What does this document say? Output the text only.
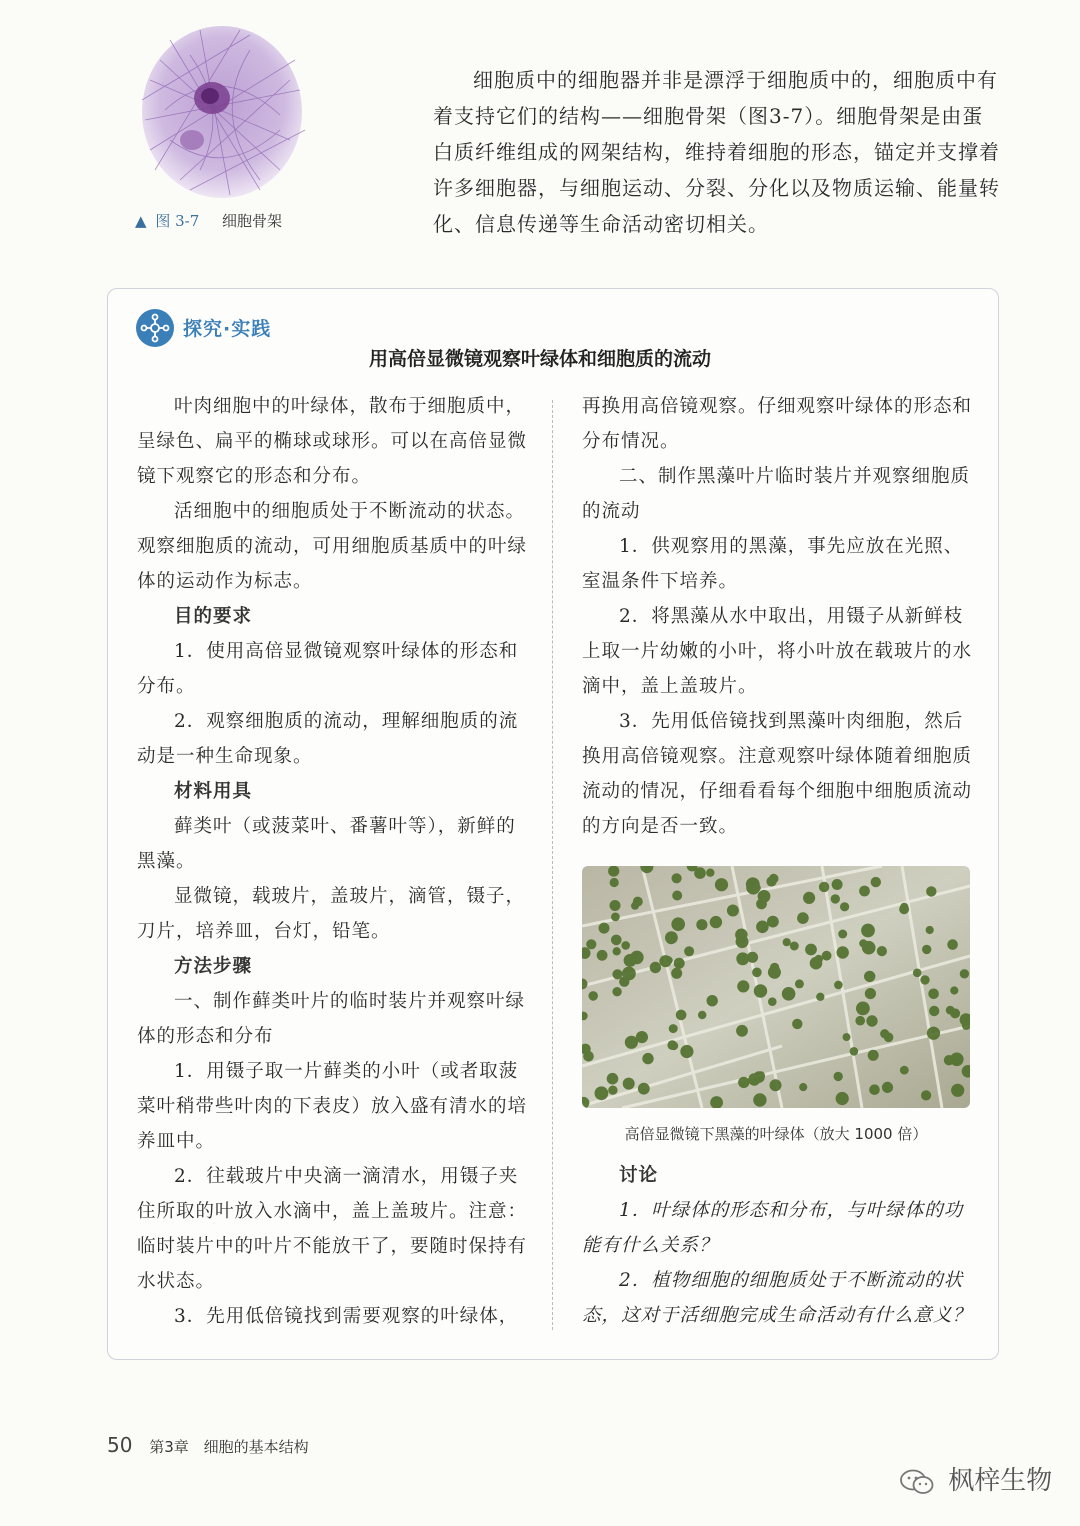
▲ 图 3-7 细胞骨架

细胞质中的细胞器并非是漂浮于细胞质中的，细胞质中有着支持它们的结构——细胞骨架（图3-7）。细胞骨架是由蛋白质纤维组成的网架结构，维持着细胞的形态，锚定并支撑着许多细胞器，与细胞运动、分裂、分化以及物质运输、能量转化、信息传递等生命活动密切相关。

探究·实践
用高倍显微镜观察叶绿体和细胞质的流动

叶肉细胞中的叶绿体，散布于细胞质中，呈绿色、扁平的椭球或球形。可以在高倍显微镜下观察它的形态和分布。

活细胞中的细胞质处于不断流动的状态。观察细胞质的流动，可用细胞质基质中的叶绿体的运动作为标志。

目的要求

1．使用高倍显微镜观察叶绿体的形态和分布。

2．观察细胞质的流动，理解细胞质的流动是一种生命现象。

材料用具

藓类叶（或菠菜叶、番薯叶等），新鲜的黑藻。

显微镜，载玻片，盖玻片，滴管，镊子，刀片，培养皿，台灯，铅笔。

方法步骤

一、制作藓类叶片的临时装片并观察叶绿体的形态和分布

1．用镊子取一片藓类的小叶（或者取菠菜叶稍带些叶肉的下表皮）放入盛有清水的培养皿中。

2．往载玻片中央滴一滴清水，用镊子夹住所取的叶放入水滴中，盖上盖玻片。注意：临时装片中的叶片不能放干了，要随时保持有水状态。

3．先用低倍镜找到需要观察的叶绿体，

再换用高倍镜观察。仔细观察叶绿体的形态和分布情况。

二、制作黑藻叶片临时装片并观察细胞质的流动

1．供观察用的黑藻，事先应放在光照、室温条件下培养。

2．将黑藻从水中取出，用镊子从新鲜枝上取一片幼嫩的小叶，将小叶放在载玻片的水滴中，盖上盖玻片。

3．先用低倍镜找到黑藻叶肉细胞，然后换用高倍镜观察。注意观察叶绿体随着细胞质流动的情况，仔细看看每个细胞中细胞质流动的方向是否一致。

高倍显微镜下黑藻的叶绿体（放大 1000 倍）
讨论

1．叶绿体的形态和分布，与叶绿体的功能有什么关系？

2．植物细胞的细胞质处于不断流动的状态，这对于活细胞完成生命活动有什么意义？

50 第3章 细胞的基本结构
枫梓生物
